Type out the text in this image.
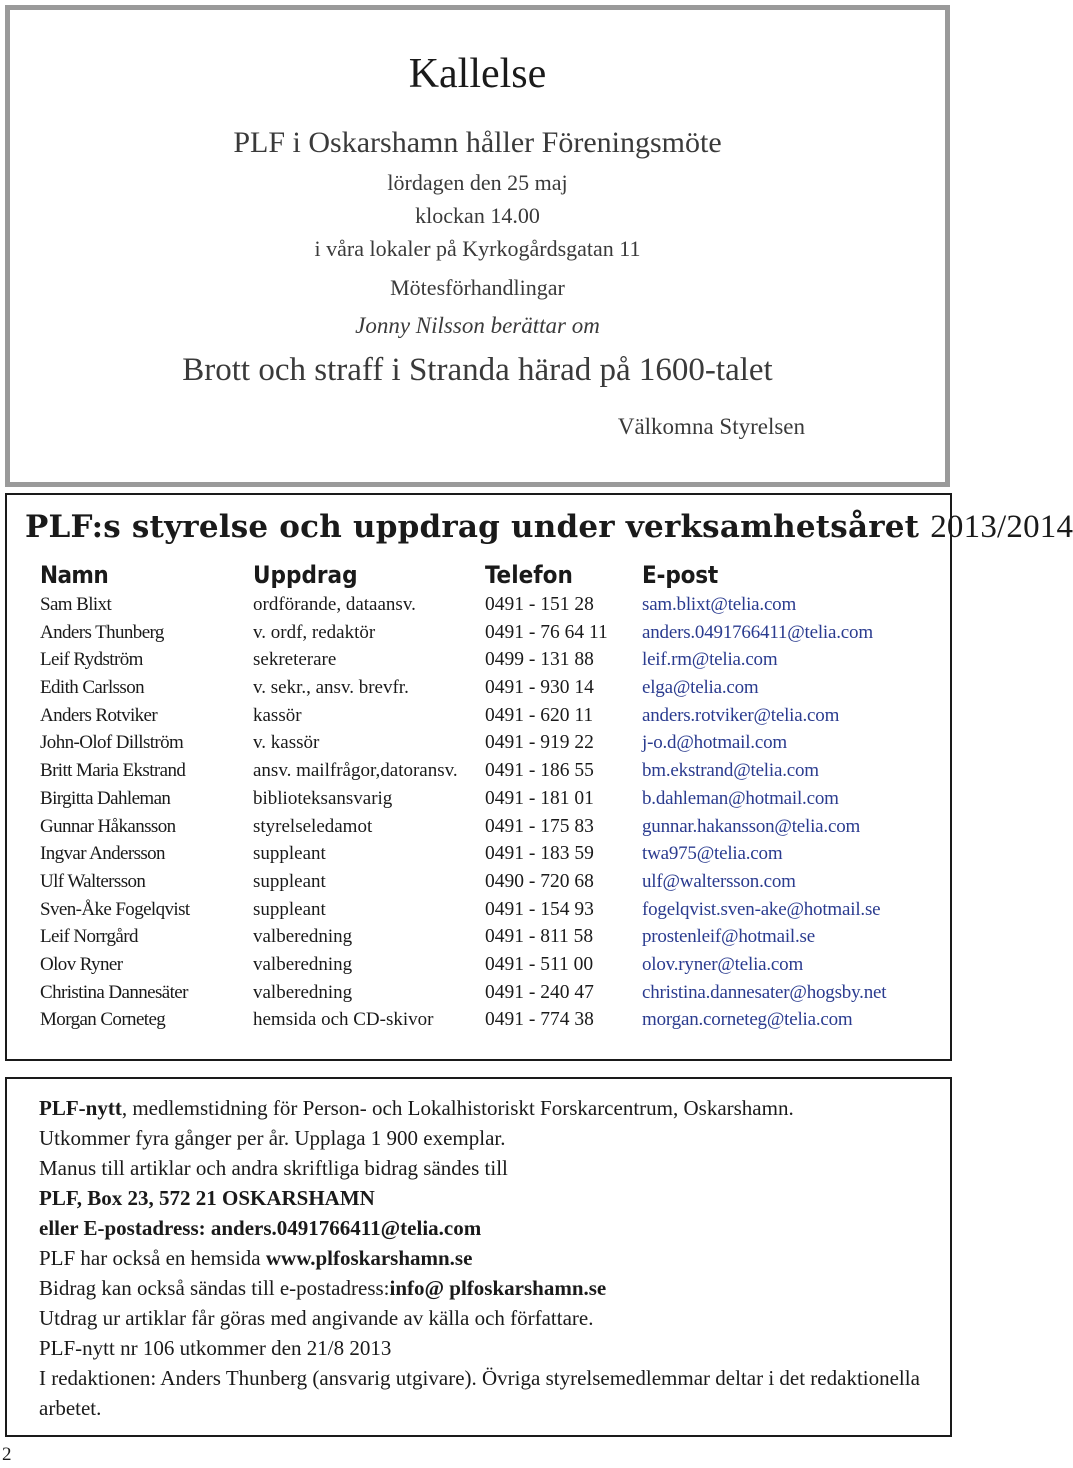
Kallelse
PLF i Oskarshamn håller Föreningsmöte
lördagen den 25 maj
klockan 14.00
i våra lokaler på Kyrkogårdsgatan 11
Mötesförhandlingar
Jonny Nilsson berättar om
Brott och straff i Stranda härad på 1600-talet
Välkomna Styrelsen
PLF:s styrelse och uppdrag under verksamhetsåret 2013/2014
Namn
Sam Blixt
Anders Thunberg
Leif Rydström
Edith Carlsson
Anders Rotviker
John-Olof Dillström
Britt Maria Ekstrand
Birgitta Dahleman
Gunnar Håkansson
Ingvar Andersson
Ulf Waltersson
Sven-Åke Fogelqvist
Leif Norrgård
Olov Ryner
Christina Dannesäter
Morgan Corneteg
Uppdrag
ordförande, dataansv.
v. ordf, redaktör
sekreterare
v. sekr., ansv. brevfr.
kassör
v. kassör
ansv. mailfrågor,datoransv.
biblioteksansvarig
styrelseledamot
suppleant
suppleant
suppleant
valberedning
valberedning
valberedning
hemsida och CD-skivor
Telefon
0491 - 151 28
0491 - 76 64 11
0499 - 131 88
0491 - 930 14
0491 - 620 11
0491 - 919 22
0491 - 186 55
0491 - 181 01
0491 - 175 83
0491 - 183 59
0490 - 720 68
0491 - 154 93
0491 - 811 58
0491 - 511 00
0491 - 240 47
0491 - 774 38
E-post
sam.blixt@telia.com
anders.0491766411@telia.com
leif.rm@telia.com
elga@telia.com
anders.rotviker@telia.com
j-o.d@hotmail.com
bm.ekstrand@telia.com
b.dahleman@hotmail.com
gunnar.hakansson@telia.com
twa975@telia.com
ulf@waltersson.com
fogelqvist.sven-ake@hotmail.se
prostenleif@hotmail.se
olov.ryner@telia.com
christina.dannesater@hogsby.net
morgan.corneteg@telia.com

PLF-nytt, medlemstidning för Person- och Lokalhistoriskt Forskarcentrum, Oskarshamn.

Utkommer fyra gånger per år. Upplaga 1 900 exemplar.

Manus till artiklar och andra skriftliga bidrag sändes till

PLF, Box 23, 572 21 OSKARSHAMN

eller E-postadress: anders.0491766411@telia.com

PLF har också en hemsida www.plfoskarshamn.se

Bidrag kan också sändas till e-postadress:info@ plfoskarshamn.se

Utdrag ur artiklar får göras med angivande av källa och författare.

PLF-nytt nr 106 utkommer den 21/8 2013

I redaktionen: Anders Thunberg (ansvarig utgivare). Övriga styrelsemedlemmar deltar i det redaktionella arbetet.

2
